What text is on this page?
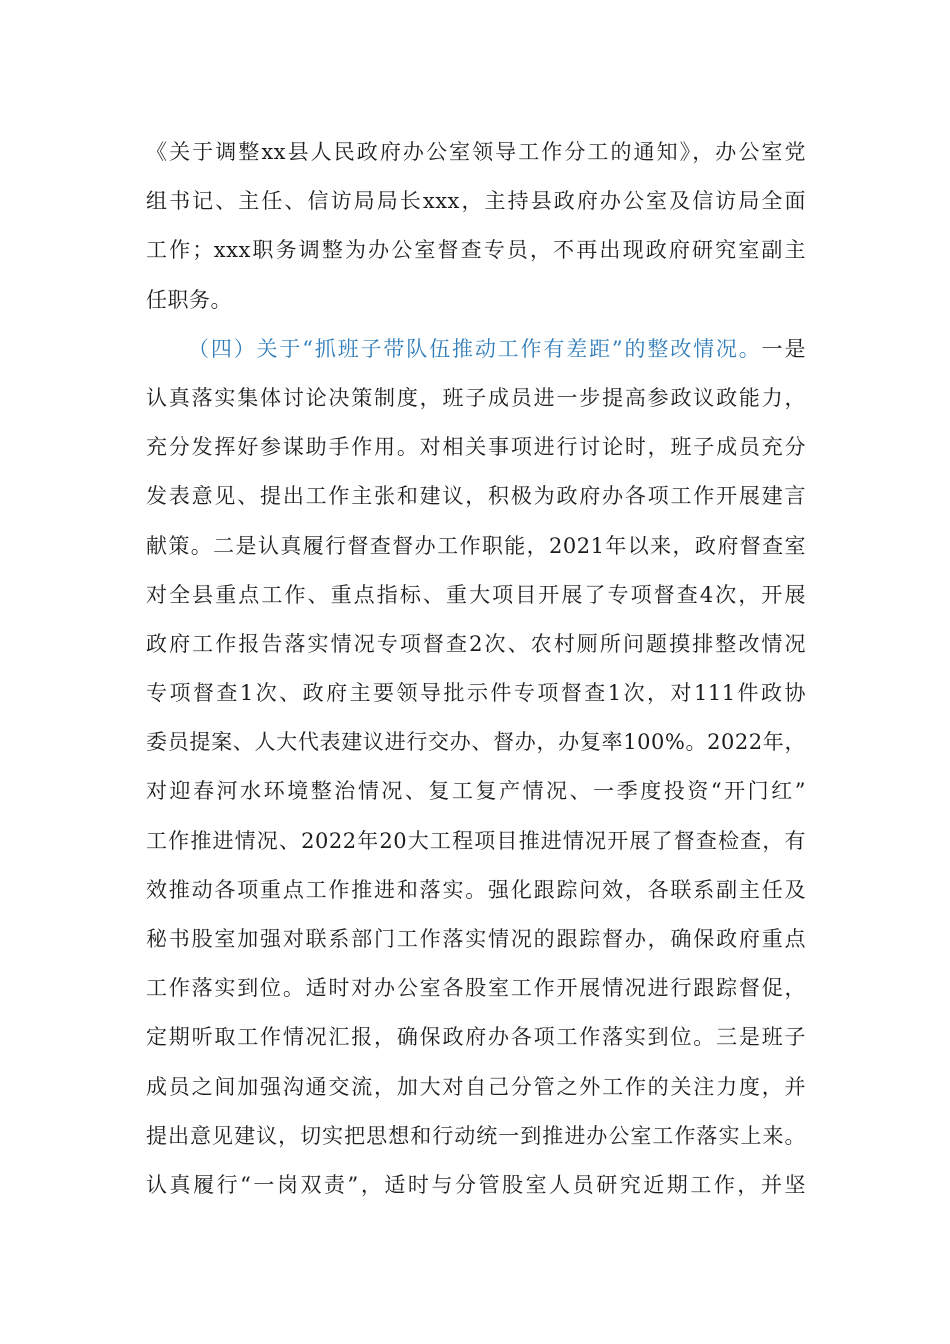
《关于调整xx县人民政府办公室领导工作分工的通知》，办公室党
组书记、主任、信访局局长xxx，主持县政府办公室及信访局全面
工作；xxx职务调整为办公室督查专员，不再出现政府研究室副主
任职务。
（四）关于“抓班子带队伍推动工作有差距”的整改情况。一是
认真落实集体讨论决策制度，班子成员进一步提高参政议政能力，
充分发挥好参谋助手作用。对相关事项进行讨论时，班子成员充分
发表意见、提出工作主张和建议，积极为政府办各项工作开展建言
献策。二是认真履行督查督办工作职能，2021年以来，政府督查室
对全县重点工作、重点指标、重大项目开展了专项督查4次，开展
政府工作报告落实情况专项督查2次、农村厕所问题摸排整改情况
专项督查1次、政府主要领导批示件专项督查1次，对111件政协
委员提案、人大代表建议进行交办、督办，办复率100%。2022年，
对迎春河水环境整治情况、复工复产情况、一季度投资“开门红”
工作推进情况、2022年20大工程项目推进情况开展了督查检查，有
效推动各项重点工作推进和落实。强化跟踪问效，各联系副主任及
秘书股室加强对联系部门工作落实情况的跟踪督办，确保政府重点
工作落实到位。适时对办公室各股室工作开展情况进行跟踪督促，
定期听取工作情况汇报，确保政府办各项工作落实到位。三是班子
成员之间加强沟通交流，加大对自己分管之外工作的关注力度，并
提出意见建议，切实把思想和行动统一到推进办公室工作落实上来。
认真履行“一岗双责”，适时与分管股室人员研究近期工作，并坚
